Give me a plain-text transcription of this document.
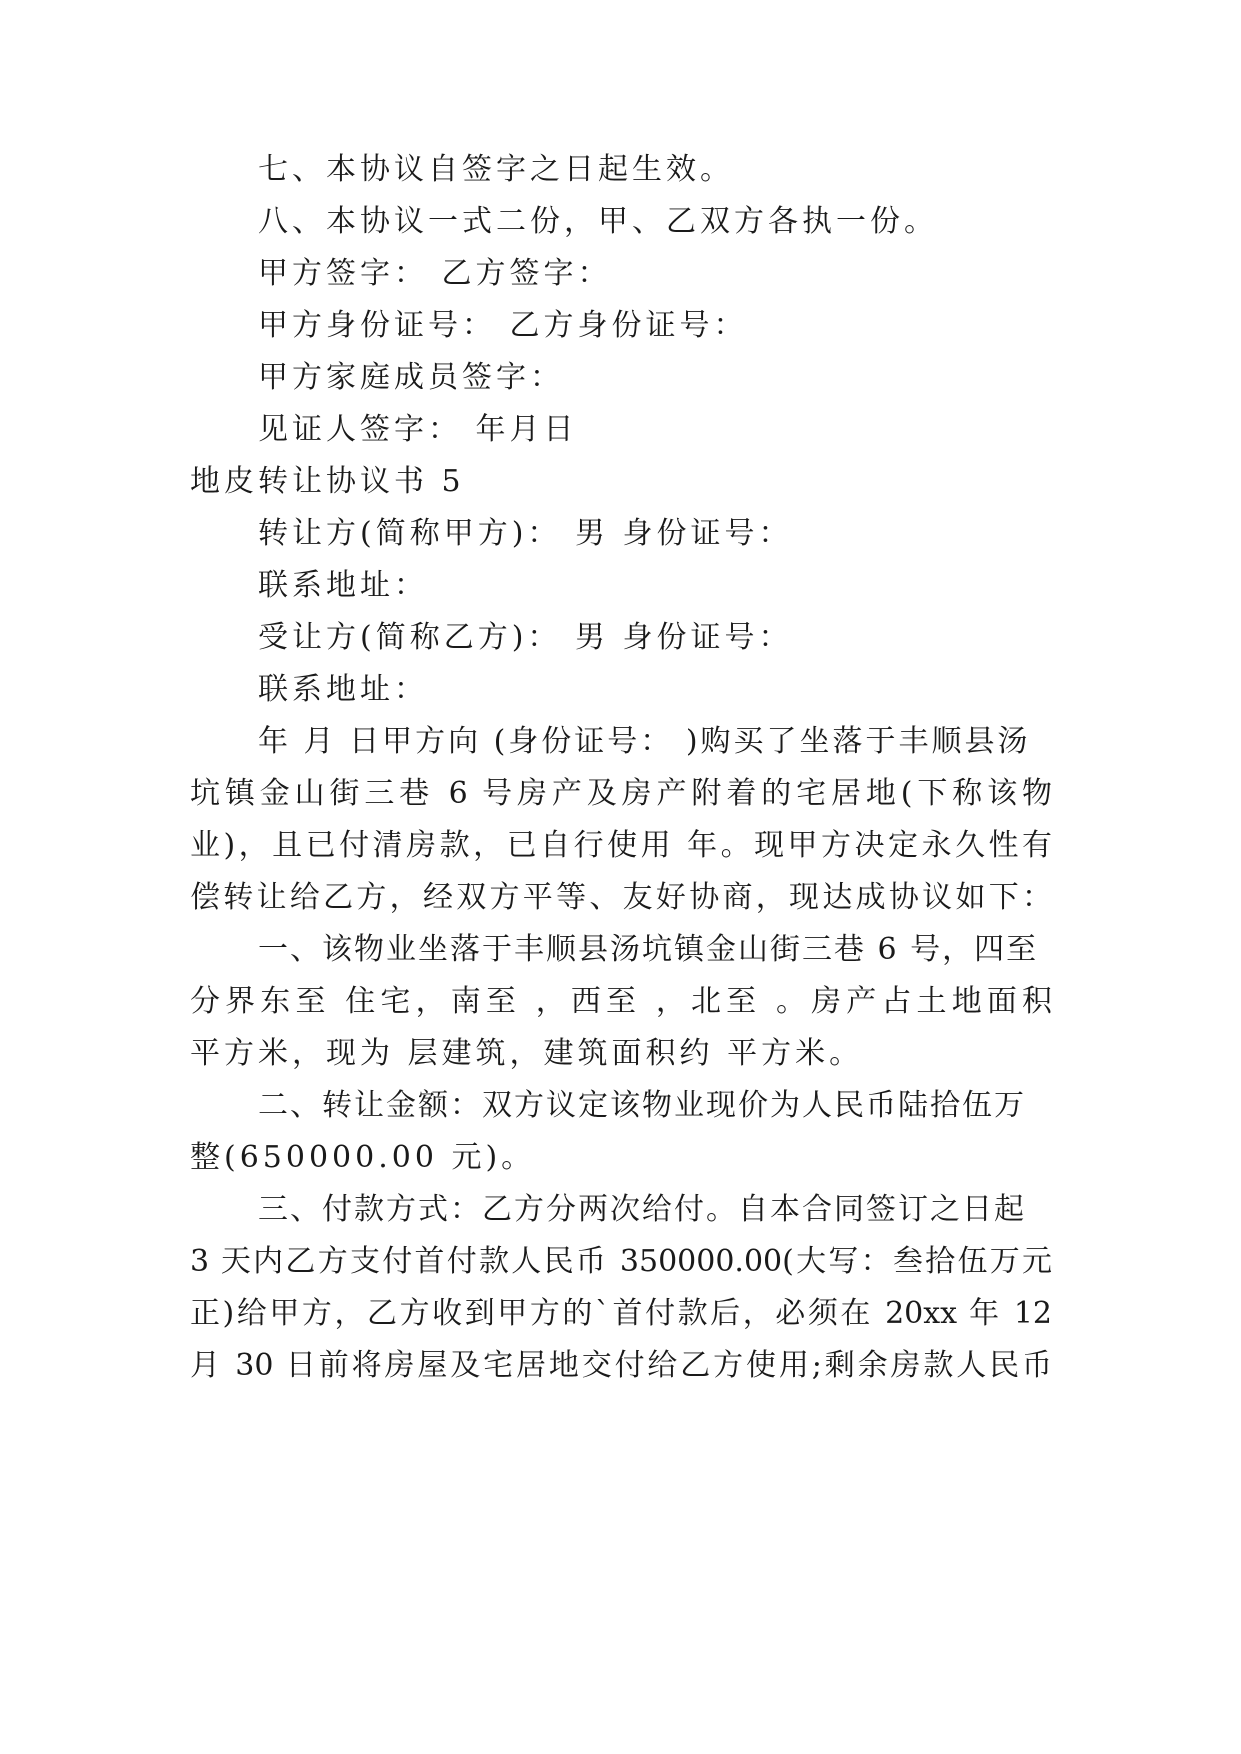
七、本协议自签字之日起生效。
八、本协议一式二份，甲、乙双方各执一份。
甲方签字： 乙方签字：
甲方身份证号： 乙方身份证号：
甲方家庭成员签字：
见证人签字： 年月日
地皮转让协议书 5
转让方(简称甲方)： 男 身份证号：
联系地址：
受让方(简称乙方)： 男 身份证号：
联系地址：
年 月 日甲方向 (身份证号： )购买了坐落于丰顺县汤
坑镇金山街三巷 6 号房产及房产附着的宅居地(下称该物
业)，且已付清房款，已自行使用 年。现甲方决定永久性有
偿转让给乙方，经双方平等、友好协商，现达成协议如下：
一、该物业坐落于丰顺县汤坑镇金山街三巷 6 号，四至
分界东至 住宅，南至 ，西至 ，北至 。房产占土地面积
平方米，现为 层建筑，建筑面积约 平方米。
二、转让金额：双方议定该物业现价为人民币陆拾伍万
整(650000.00 元)。
三、付款方式：乙方分两次给付。自本合同签订之日起
3 天内乙方支付首付款人民币 350000.00(大写：叁拾伍万元
正)给甲方，乙方收到甲方的`首付款后，必须在 20xx 年 12
月 30 日前将房屋及宅居地交付给乙方使用;剩余房款人民币
